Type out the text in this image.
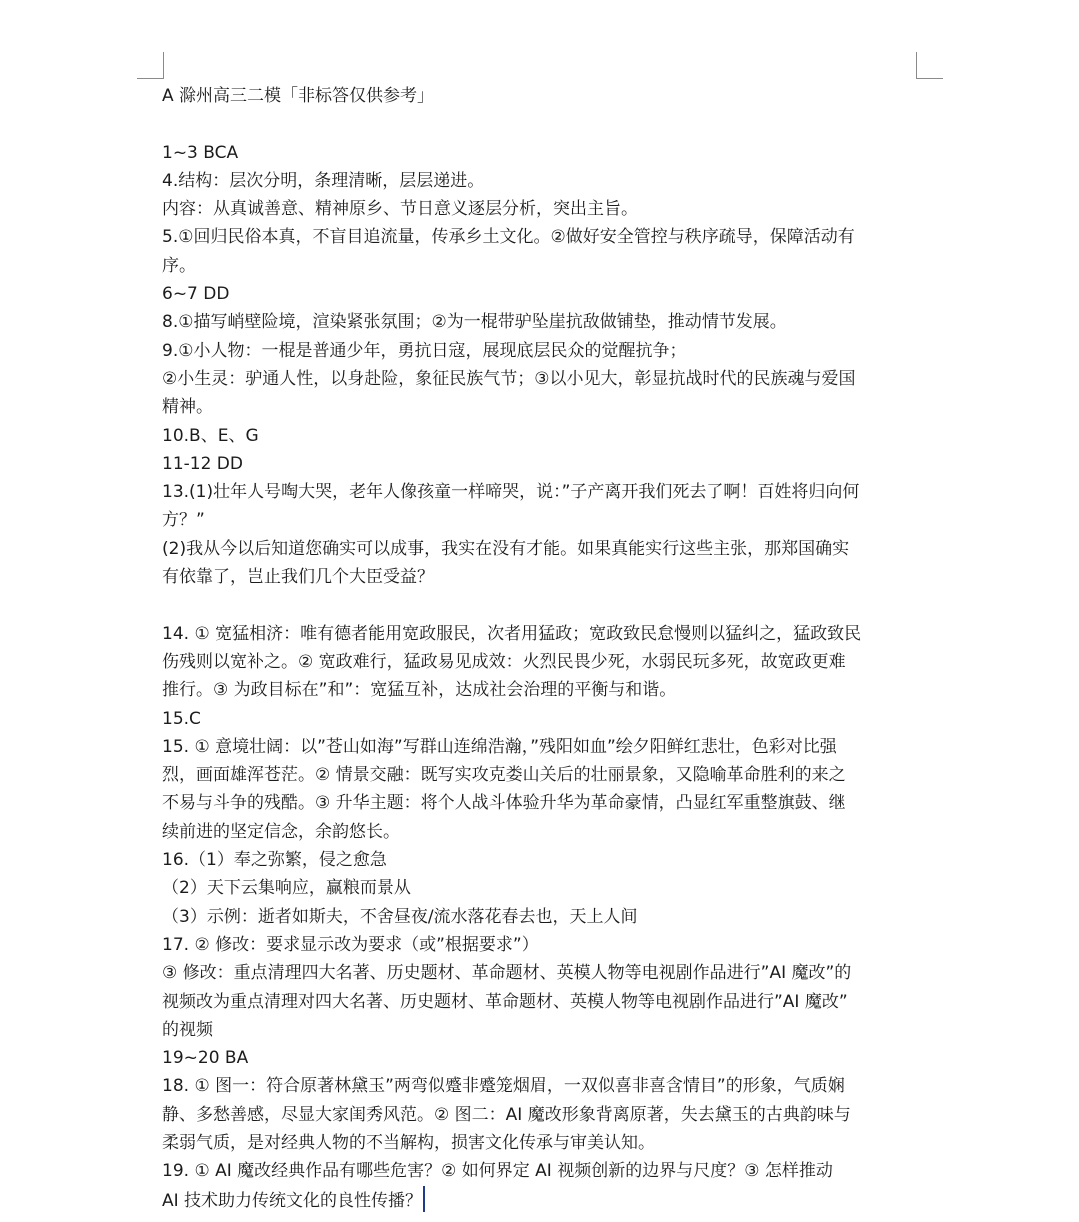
A 滁州高三二模「非标答仅供参考」
1~3 BCA
4.结构：层次分明，条理清晰，层层递进。
内容：从真诚善意、精神原乡、节日意义逐层分析，突出主旨。
5.①回归民俗本真，不盲目追流量，传承乡土文化。②做好安全管控与秩序疏导，保障活动有
序。
6~7 DD
8.①描写峭壁险境，渲染紧张氛围；②为一棍带驴坠崖抗敌做铺垫，推动情节发展。
9.①小人物：一棍是普通少年，勇抗日寇，展现底层民众的觉醒抗争；
②小生灵：驴通人性，以身赴险，象征民族气节；③以小见大，彰显抗战时代的民族魂与爱国
精神。
10.B、E、G
11-12 DD
13.(1)壮年人号啕大哭，老年人像孩童一样啼哭，说：”子产离开我们死去了啊！百姓将归向何
方？”
(2)我从今以后知道您确实可以成事，我实在没有才能。如果真能实行这些主张，那郑国确实
有依靠了，岂止我们几个大臣受益？
14. ① 宽猛相济：唯有德者能用宽政服民，次者用猛政；宽政致民怠慢则以猛纠之，猛政致民
伤残则以宽补之。② 宽政难行，猛政易见成效：火烈民畏少死，水弱民玩多死，故宽政更难
推行。③ 为政目标在”和”：宽猛互补，达成社会治理的平衡与和谐。
15.C
15. ① 意境壮阔：以”苍山如海”写群山连绵浩瀚，”残阳如血”绘夕阳鲜红悲壮，色彩对比强
烈，画面雄浑苍茫。② 情景交融：既写实攻克娄山关后的壮丽景象，又隐喻革命胜利的来之
不易与斗争的残酷。③ 升华主题：将个人战斗体验升华为革命豪情，凸显红军重整旗鼓、继
续前进的坚定信念，余韵悠长。
16.（1）奉之弥繁，侵之愈急
（2）天下云集响应，赢粮而景从
（3）示例：逝者如斯夫，不舍昼夜/流水落花春去也，天上人间
17. ② 修改：要求显示改为要求（或”根据要求”）
③ 修改：重点清理四大名著、历史题材、革命题材、英模人物等电视剧作品进行”AI 魔改”的
视频改为重点清理对四大名著、历史题材、革命题材、英模人物等电视剧作品进行”AI 魔改”
的视频
19~20 BA
18. ① 图一：符合原著林黛玉”两弯似蹙非蹙笼烟眉，一双似喜非喜含情目”的形象，气质娴
静、多愁善感，尽显大家闺秀风范。② 图二：AI 魔改形象背离原著，失去黛玉的古典韵味与
柔弱气质，是对经典人物的不当解构，损害文化传承与审美认知。
19. ① AI 魔改经典作品有哪些危害？② 如何界定 AI 视频创新的边界与尺度？③ 怎样推动
AI 技术助力传统文化的良性传播？
